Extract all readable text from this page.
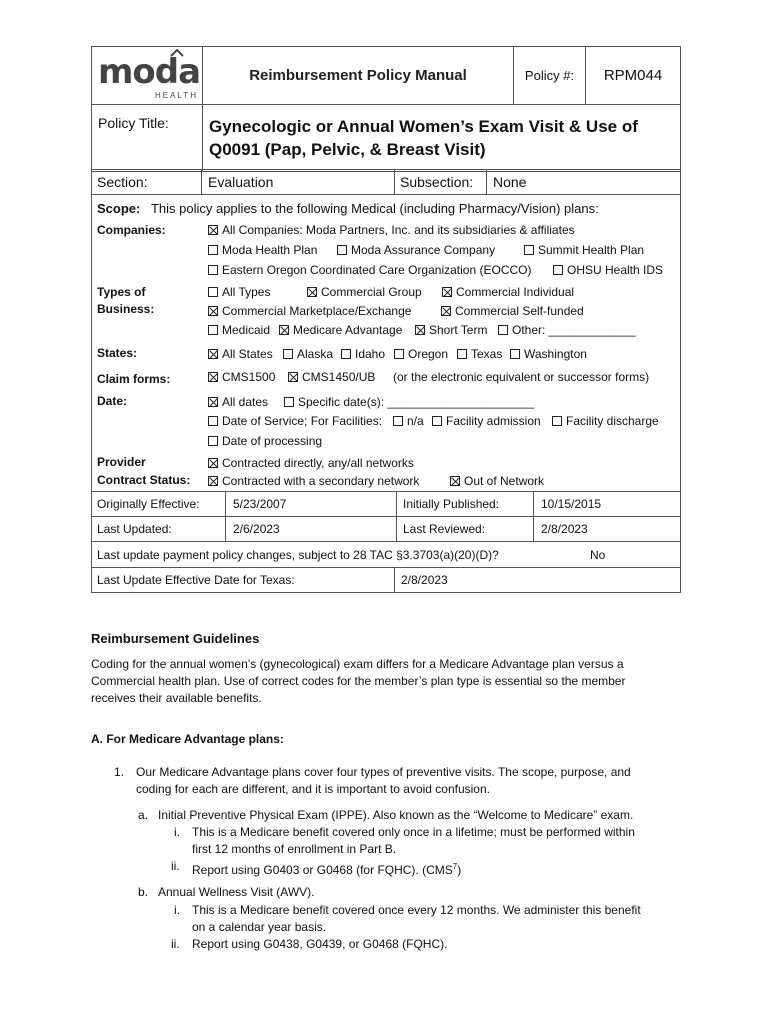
moda
HEALTH	Reimbursement Policy Manual	Policy #:	RPM044
Policy Title:	Gynecologic or Annual Women’s Exam Visit & Use of Q0091 (Pap, Pelvic, & Breast Visit)		
Section:	Evaluation	Subsection: None
Scope: This policy applies to the following Medical (including Pharmacy/Vision) plans:
Companies:	All Companies: Moda Partners, Inc. and its subsidiaries & affiliates
Moda Health Plan	Moda Assurance Company	Summit Health Plan
Eastern Oregon Coordinated Care Organization (EOCCO)	OHSU Health IDS
Types of
Business:
All Types	Commercial Group	Commercial Individual
Commercial Marketplace/Exchange	Commercial Self-funded
Medicaid	Medicare Advantage	Short Term	Other: _____________
States:	All States	Alaska	Idaho	Oregon	Texas	Washington
Claim forms:	CMS1500	CMS1450/UB (or the electronic equivalent or successor forms)
Date:	All dates	Specific date(s): ______________________
Date of Service; For Facilities:	n/a	Facility admission	Facility discharge
Date of processing
Provider
Contract Status:
Contracted directly, any/all networks
Contracted with a secondary network	Out of Network
Originally Effective:	5/23/2007	Initially Published:	10/15/2015
Last Updated:	2/6/2023	Last Reviewed:	2/8/2023
Last update payment policy changes, subject to 28 TAC §3.3703(a)(20)(D)?	No
Last Update Effective Date for Texas:	2/8/2023
Reimbursement Guidelines
Coding for the annual women’s (gynecological) exam differs for a Medicare Advantage plan versus a
Commercial health plan. Use of correct codes for the member’s plan type is essential so the member
receives their available benefits.
A. For Medicare Advantage plans:
1. Our Medicare Advantage plans cover four types of preventive visits. The scope, purpose, and
coding for each are different, and it is important to avoid confusion.
a. Initial Preventive Physical Exam (IPPE). Also known as the “Welcome to Medicare” exam.
i. This is a Medicare benefit covered only once in a lifetime; must be performed within
first 12 months of enrollment in Part B.
ii. Report using G0403 or G0468 (for FQHC). (CMS$^7$)
b. Annual Wellness Visit (AWV).
i. This is a Medicare benefit covered once every 12 months. We administer this benefit
on a calendar year basis.
ii. Report using G0438, G0439, or G0468 (FQHC).
